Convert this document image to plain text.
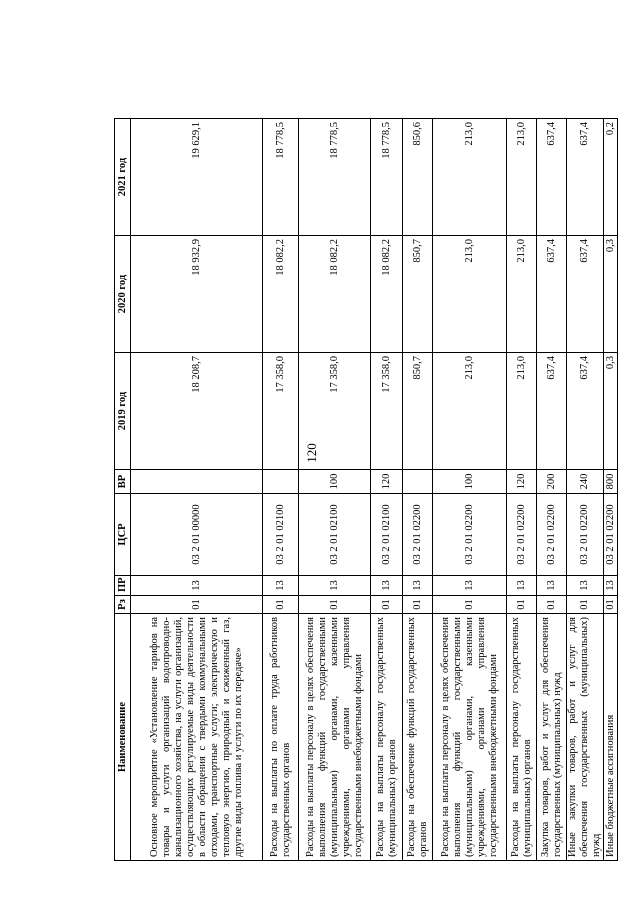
120
Наименование	Рз	ПР	ЦСР	ВР	2019 год	2020 год	2021 год
Основное мероприятие «Установление тарифов на товары и услуги организаций водопроводно-канализационного хозяйства, на услуги организаций, осуществляющих регулируемые виды деятельности в области обращения с твердыми коммунальными отходами, транспортные услуги; электрическую и тепловую энергию, природный и сжиженный газ, другие виды топлива и услуги по их передаче»	01	13	03 2 01 00000		18 208,7	18 932,9	19 629,1
Расходы на выплаты по оплате труда работников государственных органов	01	13	03 2 01 02100		17 358,0	18 082,2	18 778,5
Расходы на выплаты персоналу в целях обеспечения выполнения функций государственными (муниципальными) органами, казенными учреждениями, органами управления государственными внебюджетными фондами	01	13	03 2 01 02100	100	17 358,0	18 082,2	18 778,5
Расходы на выплаты персоналу государственных (муниципальных) органов	01	13	03 2 01 02100	120	17 358,0	18 082,2	18 778,5
Расходы на обеспечение функций государственных органов	01	13	03 2 01 02200		850,7	850,7	850,6
Расходы на выплаты персоналу в целях обеспечения выполнения функций государственными (муниципальными) органами, казенными учреждениями, органами управления государственными внебюджетными фондами	01	13	03 2 01 02200	100	213,0	213,0	213,0
Расходы на выплаты персоналу государственных (муниципальных) органов	01	13	03 2 01 02200	120	213,0	213,0	213,0
Закупка товаров, работ и услуг для обеспечения государственных (муниципальных) нужд	01	13	03 2 01 02200	200	637,4	637,4	637,4
Иные закупки товаров, работ и услуг для обеспечения государственных (муниципальных) нужд	01	13	03 2 01 02200	240	637,4	637,4	637,4
Иные бюджетные ассигнования	01	13	03 2 01 02200	800	0,3	0,3	0,2
